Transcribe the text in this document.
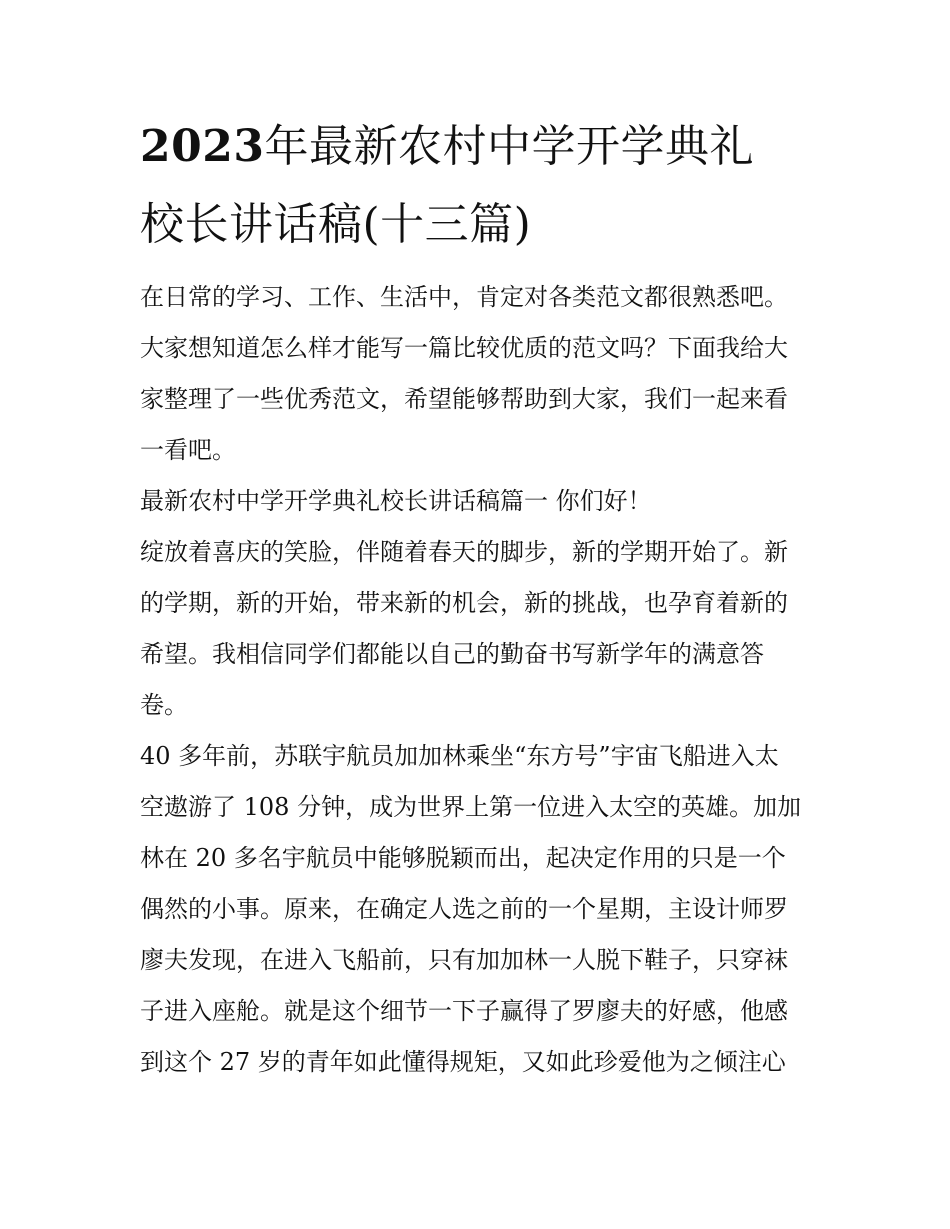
2023年最新农村中学开学典礼
校长讲话稿(十三篇)
在日常的学习、工作、生活中，肯定对各类范文都很熟悉吧。
大家想知道怎么样才能写一篇比较优质的范文吗？下面我给大
家整理了一些优秀范文，希望能够帮助到大家，我们一起来看
一看吧。
最新农村中学开学典礼校长讲话稿篇一 你们好！
绽放着喜庆的笑脸，伴随着春天的脚步，新的学期开始了。新
的学期，新的开始，带来新的机会，新的挑战，也孕育着新的
希望。我相信同学们都能以自己的勤奋书写新学年的满意答
卷。
40 多年前，苏联宇航员加加林乘坐“东方号”宇宙飞船进入太
空遨游了 108 分钟，成为世界上第一位进入太空的英雄。加加
林在 20 多名宇航员中能够脱颖而出，起决定作用的只是一个
偶然的小事。原来，在确定人选之前的一个星期，主设计师罗
廖夫发现，在进入飞船前，只有加加林一人脱下鞋子，只穿袜
子进入座舱。就是这个细节一下子赢得了罗廖夫的好感，他感
到这个 27 岁的青年如此懂得规矩，又如此珍爱他为之倾注心
